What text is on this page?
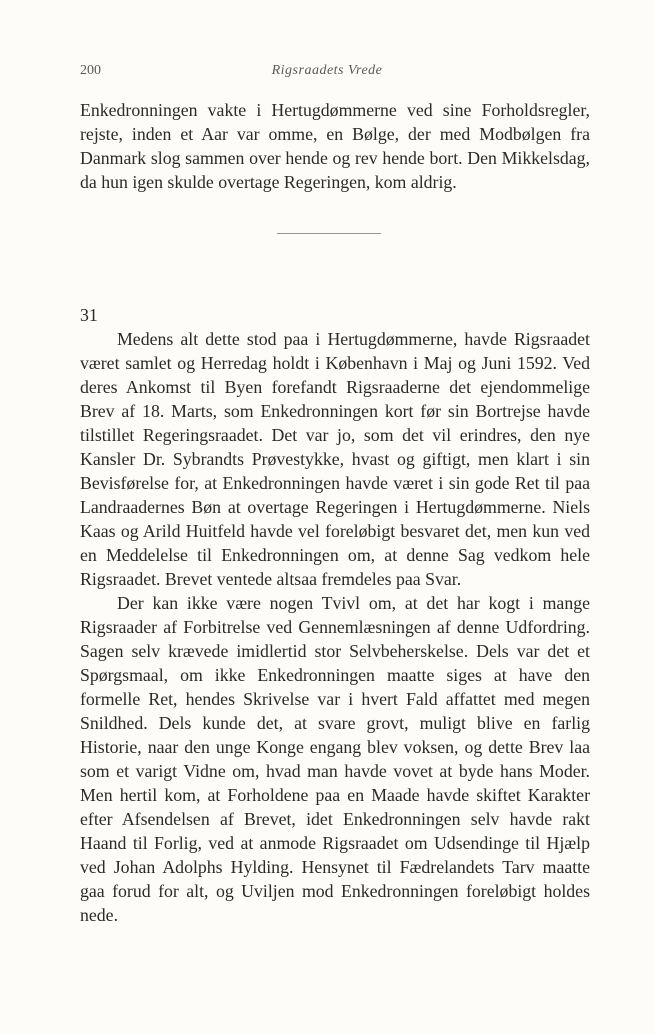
200	Rigsraadets Vrede

Enkedronningen vakte i Hertugdømmerne ved sine Forholdsregler, rejste, inden et Aar var omme, en Bølge, der med Modbølgen fra Danmark slog sammen over hende og rev hende bort. Den Mikkelsdag, da hun igen skulde overtage Regeringen, kom aldrig.

31

Medens alt dette stod paa i Hertugdømmerne, havde Rigsraadet været samlet og Herredag holdt i København i Maj og Juni 1592. Ved deres Ankomst til Byen forefandt Rigsraaderne det ejendommelige Brev af 18. Marts, som Enkedronningen kort før sin Bortrejse havde tilstillet Regeringsraadet. Det var jo, som det vil erindres, den nye Kansler Dr. Sybrandts Prøvestykke, hvast og giftigt, men klart i sin Bevisførelse for, at Enkedronningen havde været i sin gode Ret til paa Landraadernes Bøn at overtage Regeringen i Hertugdømmerne. Niels Kaas og Arild Huitfeld havde vel foreløbigt besvaret det, men kun ved en Meddelelse til Enkedronningen om, at denne Sag vedkom hele Rigsraadet. Brevet ventede altsaa fremdeles paa Svar.

Der kan ikke være nogen Tvivl om, at det har kogt i mange Rigsraader af Forbitrelse ved Gennemlæsningen af denne Udfordring. Sagen selv krævede imidlertid stor Selvbeherskelse. Dels var det et Spørgsmaal, om ikke Enkedronningen maatte siges at have den formelle Ret, hendes Skrivelse var i hvert Fald affattet med megen Snildhed. Dels kunde det, at svare grovt, muligt blive en farlig Historie, naar den unge Konge engang blev voksen, og dette Brev laa som et varigt Vidne om, hvad man havde vovet at byde hans Moder. Men hertil kom, at Forholdene paa en Maade havde skiftet Karakter efter Afsendelsen af Brevet, idet Enkedronningen selv havde rakt Haand til Forlig, ved at anmode Rigsraadet om Udsendinge til Hjælp ved Johan Adolphs Hylding. Hensynet til Fædrelandets Tarv maatte gaa forud for alt, og Uviljen mod Enkedronningen foreløbigt holdes nede.
